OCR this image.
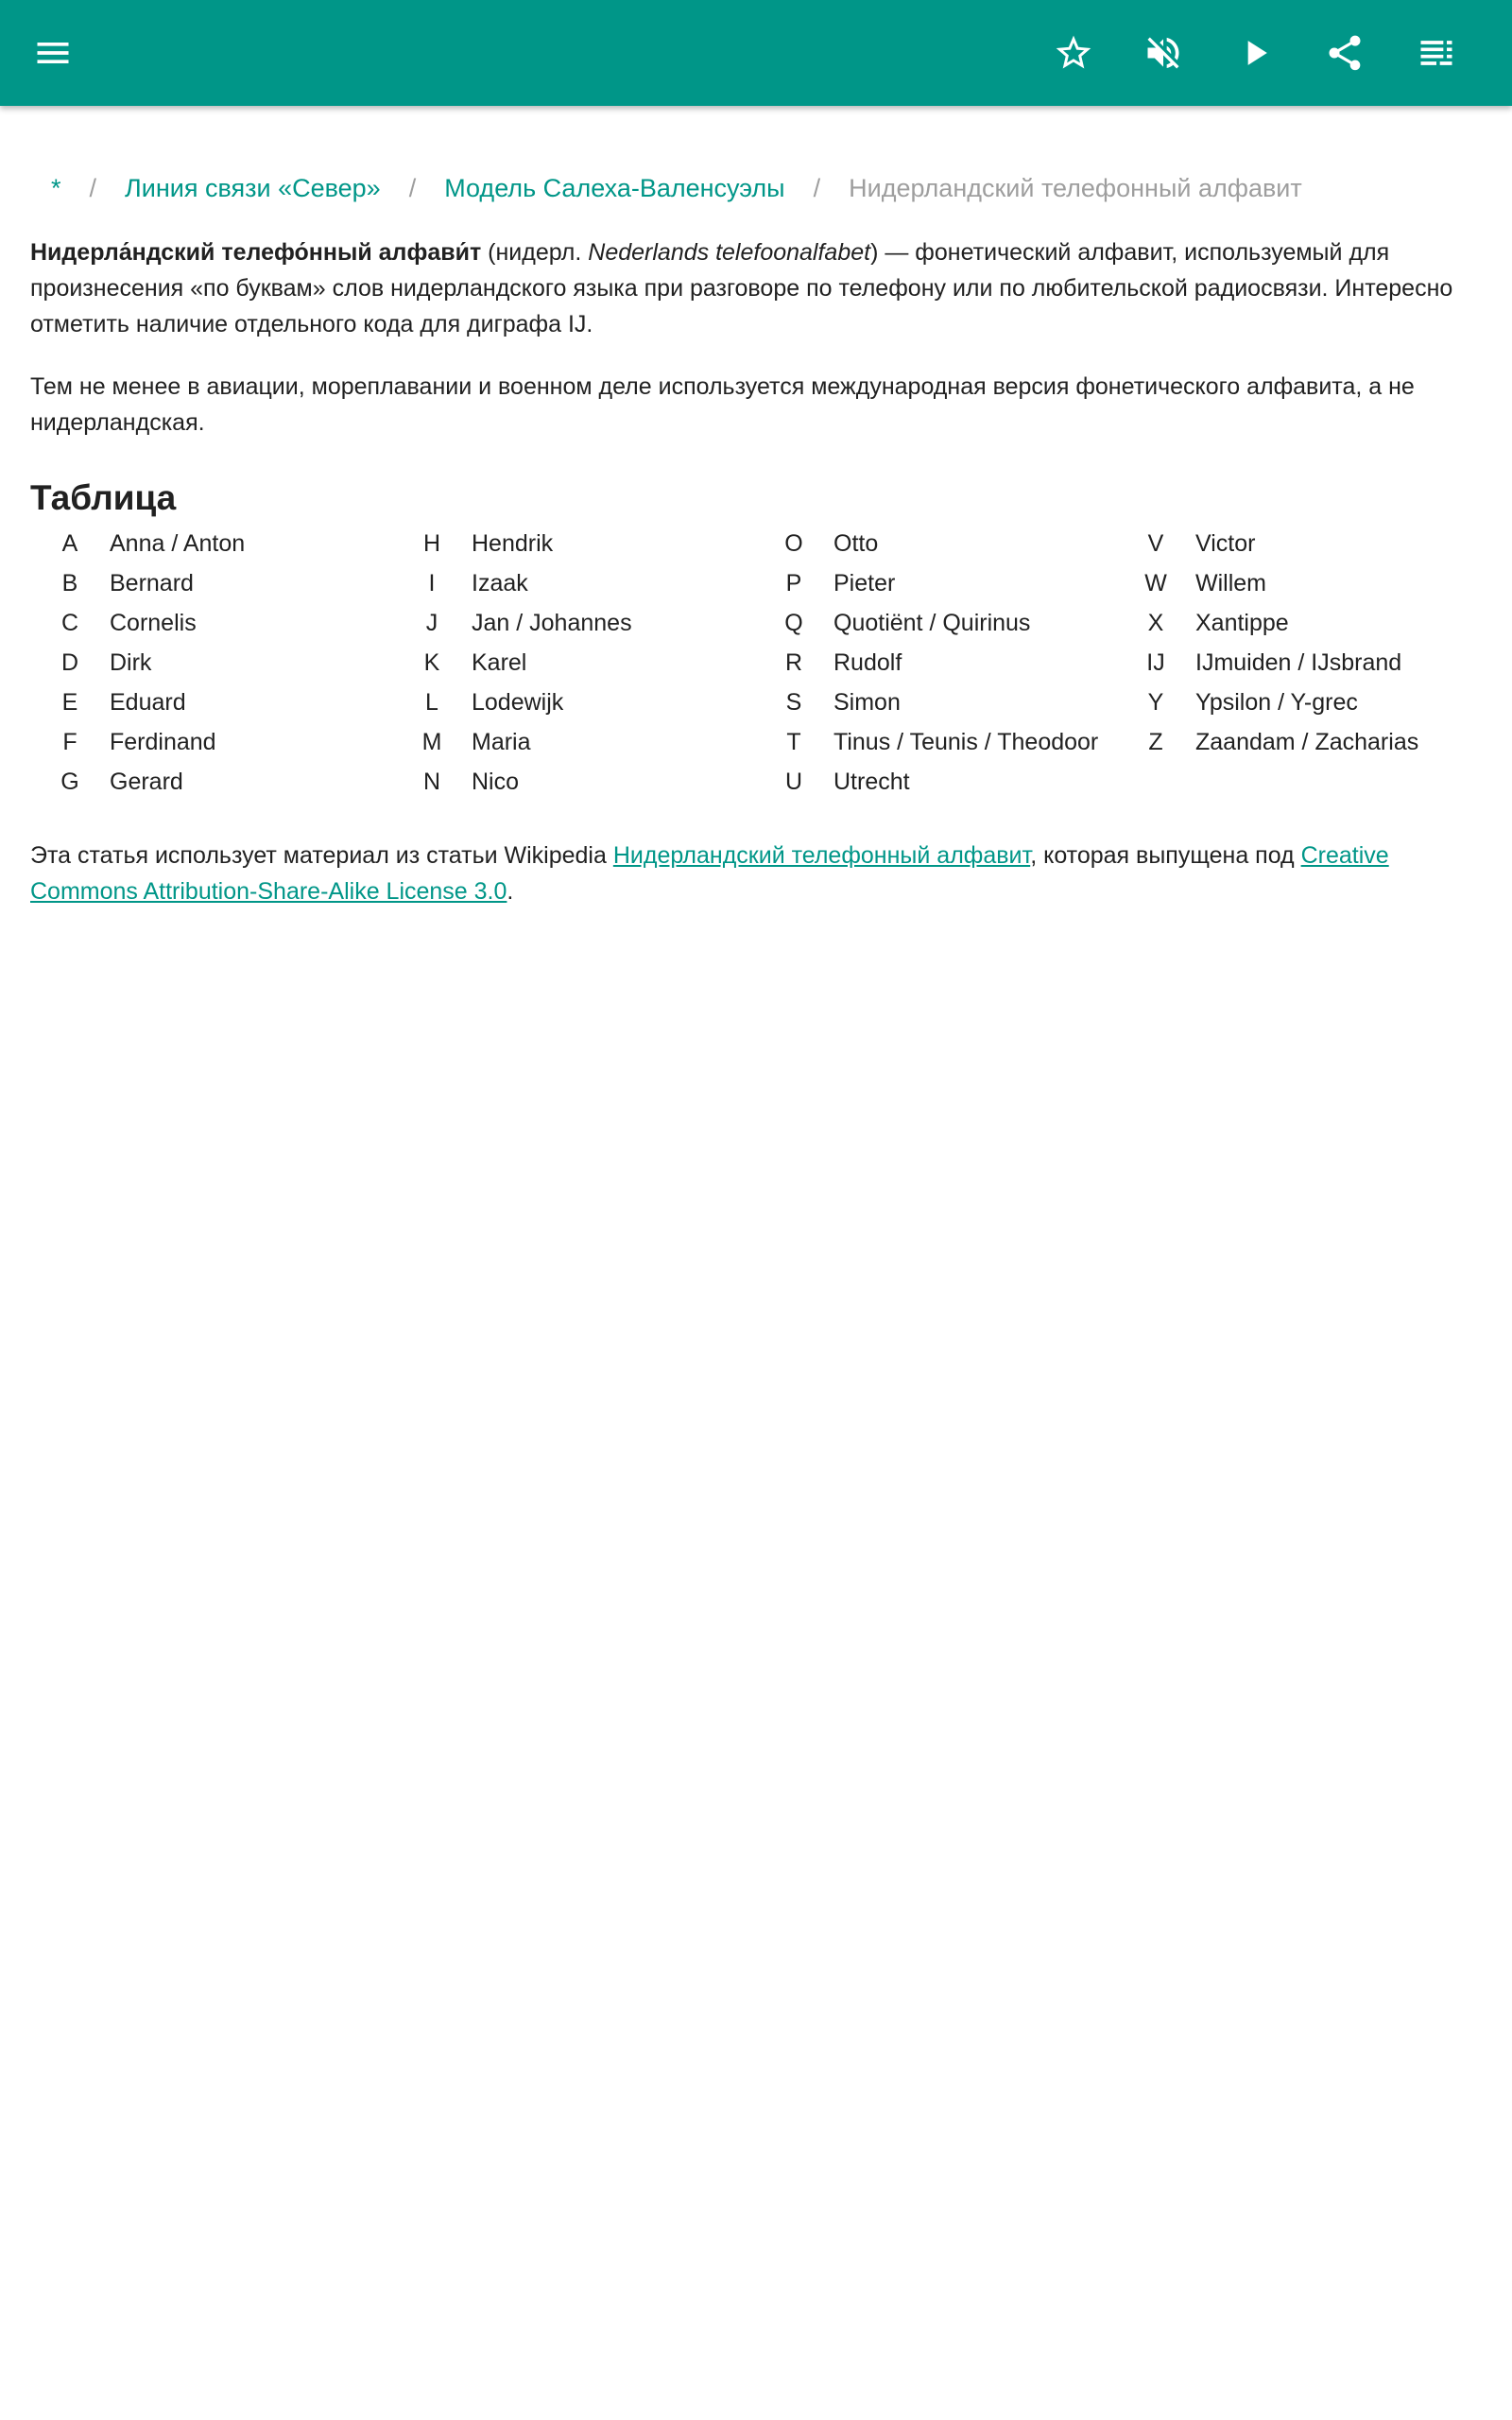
* / Линия связи «Север» / Модель Салеха-Валенсуэлы / Нидерландский телефонный алфавит

Нидерла́ндский телефо́нный алфави́т (нидерл. Nederlands telefoonalfabet) — фонетический алфавит, используемый для произнесения «по буквам» слов нидерландского языка при разговоре по телефону или по любительской радиосвязи. Интересно отметить наличие отдельного кода для диграфа IJ.

Тем не менее в авиации, мореплавании и военном деле используется международная версия фонетического алфавита, а не нидерландская.

Таблица
A	Anna / Anton
B	Bernard
C	Cornelis
D	Dirk
E	Eduard
F	Ferdinand
G	Gerard
H	Hendrik
I	Izaak
J	Jan / Johannes
K	Karel
L	Lodewijk
M	Maria
N	Nico
O	Otto
P	Pieter
Q	Quotiënt / Quirinus
R	Rudolf
S	Simon
T	Tinus / Teunis / Theodoor
U	Utrecht
V	Victor
W	Willem
X	Xantippe
IJ	IJmuiden / IJsbrand
Y	Ypsilon / Y-grec
Z	Zaandam / Zacharias

Эта статья использует материал из статьи Wikipedia Нидерландский телефонный алфавит, которая выпущена под Creative Commons Attribution-Share-Alike License 3.0.
